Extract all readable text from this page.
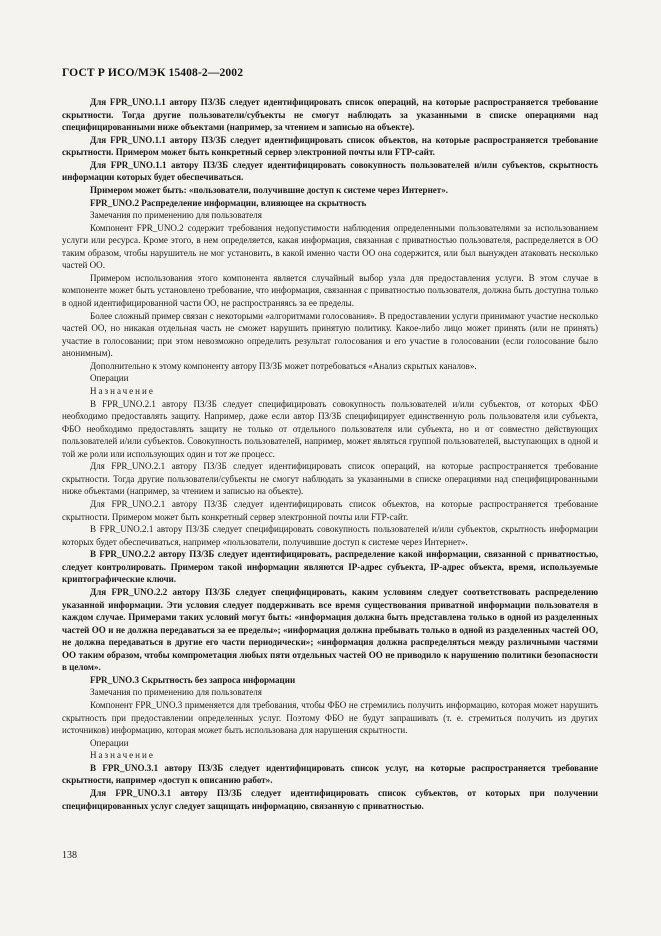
ГОСТ Р ИСО/МЭК 15408-2—2002

Для FPR_UNO.1.1 автору ПЗ/ЗБ следует идентифицировать список операций, на которые распространяется требование скрытности. Тогда другие пользователи/субъекты не смогут наблюдать за указанными в списке операциями над специфицированными ниже объектами (например, за чтением и записью на объекте).

Для FPR_UNO.1.1 автору ПЗ/ЗБ следует идентифицировать список объектов, на которые распространяется требование скрытности. Примером может быть конкретный сервер электронной почты или FTP-сайт.

Для FPR_UNO.1.1 автору ПЗ/ЗБ следует идентифицировать совокупность пользователей и/или субъектов, скрытность информации которых будет обеспечиваться.

Примером может быть: «пользователи, получившие доступ к системе через Интернет».

FPR_UNO.2 Распределение информации, влияющее на скрытность

Замечания по применению для пользователя

Компонент FPR_UNO.2 содержит требования недопустимости наблюдения определенными пользователями за использованием услуги или ресурса. Кроме этого, в нем определяется, какая информация, связанная с приватностью пользователя, распределяется в ОО таким образом, чтобы нарушитель не мог установить, в какой именно части ОО она содержится, или был вынужден атаковать несколько частей ОО.

Примером использования этого компонента является случайный выбор узла для предоставления услуги. В этом случае в компоненте может быть установлено требование, что информация, связанная с приватностью пользователя, должна быть доступна только в одной идентифицированной части ОО, не распространяясь за ее пределы.

Более сложный пример связан с некоторыми «алгоритмами голосования». В предоставлении услуги принимают участие несколько частей ОО, но никакая отдельная часть не сможет нарушить принятую политику. Какое-либо лицо может принять (или не принять) участие в голосовании; при этом невозможно определить результат голосования и его участие в голосовании (если голосование было анонимным).

Дополнительно к этому компоненту автору ПЗ/ЗБ может потребоваться «Анализ скрытых каналов».

Операции

Назначение

В FPR_UNO.2.1 автору ПЗ/ЗБ следует специфицировать совокупность пользователей и/или субъектов, от которых ФБО необходимо предоставлять защиту. Например, даже если автор ПЗ/ЗБ специфицирует единственную роль пользователя или субъекта, ФБО необходимо предоставлять защиту не только от отдельного пользователя или субъекта, но и от совместно действующих пользователей и/или субъектов. Совокупность пользователей, например, может являться группой пользователей, выступающих в одной и той же роли или использующих один и тот же процесс.

Для FPR_UNO.2.1 автору ПЗ/ЗБ следует идентифицировать список операций, на которые распространяется требование скрытности. Тогда другие пользователи/субъекты не смогут наблюдать за указанными в списке операциями над специфицированными ниже объектами (например, за чтением и записью на объекте).

Для FPR_UNO.2.1 автору ПЗ/ЗБ следует идентифицировать список объектов, на которые распространяется требование скрытности. Примером может быть конкретный сервер электронной почты или FTP-сайт.

В FPR_UNO.2.1 автору ПЗ/ЗБ следует специфицировать совокупность пользователей и/или субъектов, скрытность информации которых будет обеспечиваться, например «пользователи, получившие доступ к системе через Интернет».

В FPR_UNO.2.2 автору ПЗ/ЗБ следует идентифицировать, распределение какой информации, связанной с приватностью, следует контролировать. Примером такой информации являются IP-адрес субъекта, IP-адрес объекта, время, используемые криптографические ключи.

Для FPR_UNO.2.2 автору ПЗ/ЗБ следует специфицировать, каким условиям следует соответствовать распределению указанной информации. Эти условия следует поддерживать все время существования приватной информации пользователя в каждом случае. Примерами таких условий могут быть: «информация должна быть представлена только в одной из разделенных частей ОО и не должна передаваться за ее пределы»; «информация должна пребывать только в одной из разделенных частей ОО, не должна передаваться в другие его части периодически»; «информация должна распределяться между различными частями ОО таким образом, чтобы компрометация любых пяти отдельных частей ОО не приводило к нарушению политики безопасности в целом».

FPR_UNO.3 Скрытность без запроса информации

Замечания по применению для пользователя

Компонент FPR_UNO.3 применяется для требования, чтобы ФБО не стремились получить информацию, которая может нарушить скрытность при предоставлении определенных услуг. Поэтому ФБО не будут запрашивать (т. е. стремиться получить из других источников) информацию, которая может быть использована для нарушения скрытности.

Операции

Назначение

В FPR_UNO.3.1 автору ПЗ/ЗБ следует идентифицировать список услуг, на которые распространяется требование скрытности, например «доступ к описанию работ».

Для FPR_UNO.3.1 автору ПЗ/ЗБ следует идентифицировать список субъектов, от которых при получении специфицированных услуг следует защищать информацию, связанную с приватностью.

138
